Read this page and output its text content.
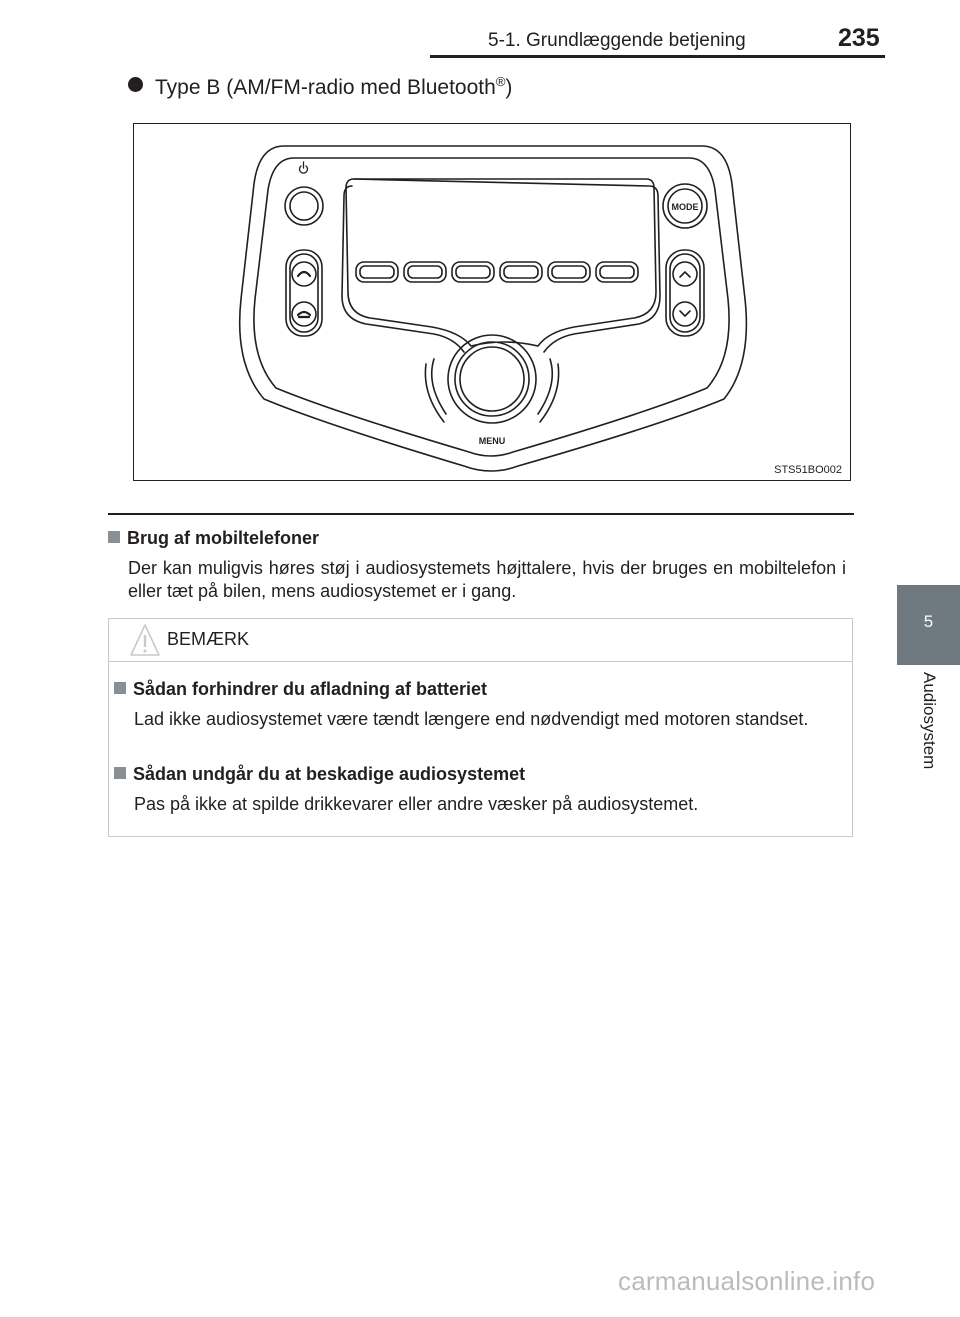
5-1. Grundlæggende betjening	235
5
Audiosystem
Type B (AM/FM-radio med Bluetooth®)
MODE
MENU
STS51BO002
Brug af mobiltelefoner
Der kan muligvis høres støj i audiosystemets højttalere, hvis der bruges en mobiltelefon i eller tæt på bilen, mens audiosystemet er i gang.
BEMÆRK
Sådan forhindrer du afladning af batteriet
Lad ikke audiosystemet være tændt længere end nødvendigt med motoren standset.
Sådan undgår du at beskadige audiosystemet
Pas på ikke at spilde drikkevarer eller andre væsker på audiosystemet.
carmanualsonline.info
